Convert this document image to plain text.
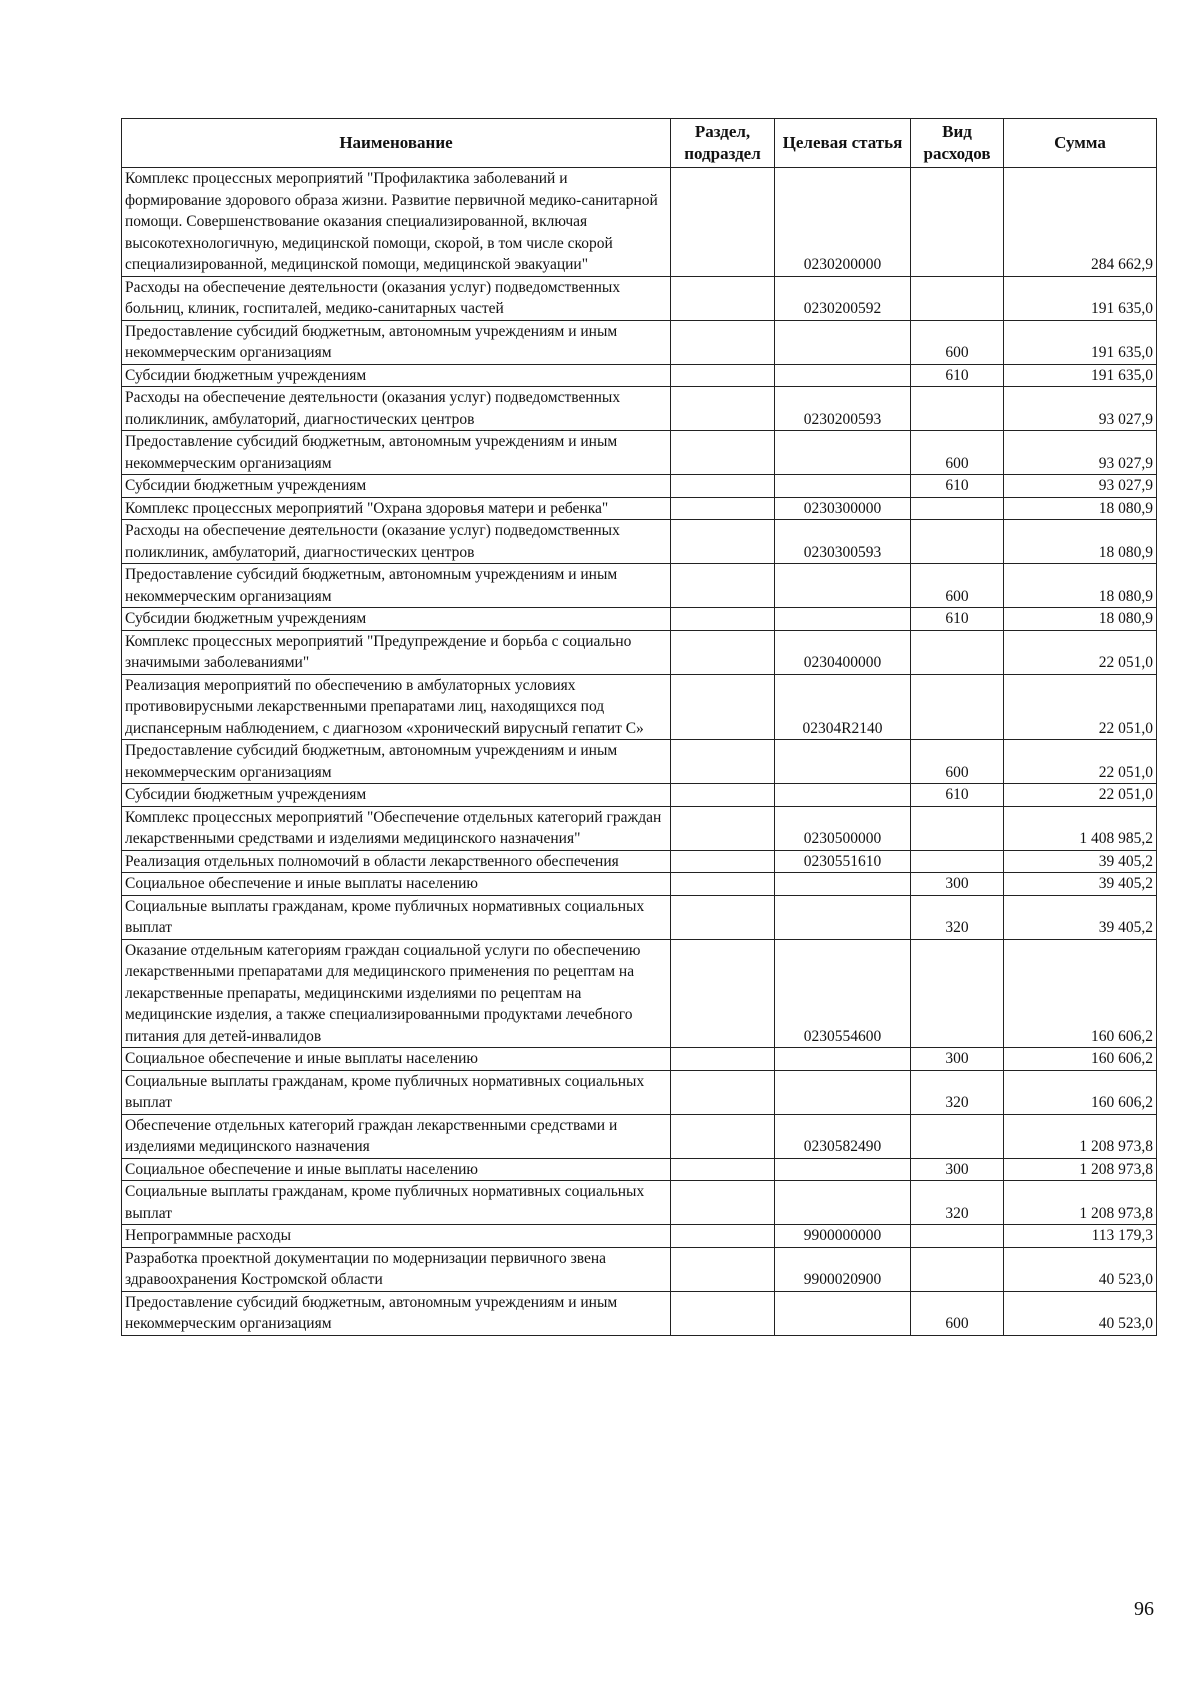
Наименование	Раздел, подраздел	Целевая статья	Вид расходов	Сумма
Комплекс процессных мероприятий "Профилактика заболеваний и формирование здорового образа жизни. Развитие первичной медико-санитарной помощи. Совершенствование оказания специализированной, включая высокотехнологичную, медицинской помощи, скорой, в том числе скорой специализированной, медицинской помощи, медицинской эвакуации"		0230200000		284 662,9
Расходы на обеспечение деятельности (оказания услуг) подведомственных больниц, клиник, госпиталей, медико-санитарных частей		0230200592		191 635,0
Предоставление субсидий бюджетным, автономным учреждениям и иным некоммерческим организациям			600	191 635,0
Субсидии бюджетным учреждениям			610	191 635,0
Расходы на обеспечение деятельности (оказания услуг) подведомственных поликлиник, амбулаторий, диагностических центров		0230200593		93 027,9
Предоставление субсидий бюджетным, автономным учреждениям и иным некоммерческим организациям			600	93 027,9
Субсидии бюджетным учреждениям			610	93 027,9
Комплекс процессных мероприятий "Охрана здоровья матери и ребенка"		0230300000		18 080,9
Расходы на обеспечение деятельности (оказание услуг) подведомственных поликлиник, амбулаторий, диагностических центров		0230300593		18 080,9
Предоставление субсидий бюджетным, автономным учреждениям и иным некоммерческим организациям			600	18 080,9
Субсидии бюджетным учреждениям			610	18 080,9
Комплекс процессных мероприятий "Предупреждение и борьба с социально значимыми заболеваниями"		0230400000		22 051,0
Реализация мероприятий по обеспечению в амбулаторных условиях противовирусными лекарственными препаратами лиц, находящихся под диспансерным наблюдением, с диагнозом «хронический вирусный гепатит С»		02304R2140		22 051,0
Предоставление субсидий бюджетным, автономным учреждениям и иным некоммерческим организациям			600	22 051,0
Субсидии бюджетным учреждениям			610	22 051,0
Комплекс процессных мероприятий "Обеспечение отдельных категорий граждан лекарственными средствами и изделиями медицинского назначения"		0230500000		1 408 985,2
Реализация отдельных полномочий в области лекарственного обеспечения		0230551610		39 405,2
Социальное обеспечение и иные выплаты населению			300	39 405,2
Социальные выплаты гражданам, кроме публичных нормативных социальных выплат			320	39 405,2
Оказание отдельным категориям граждан социальной услуги по обеспечению лекарственными препаратами для медицинского применения по рецептам на лекарственные препараты, медицинскими изделиями по рецептам на медицинские изделия, а также специализированными продуктами лечебного питания для детей-инвалидов		0230554600		160 606,2
Социальное обеспечение и иные выплаты населению			300	160 606,2
Социальные выплаты гражданам, кроме публичных нормативных социальных выплат			320	160 606,2
Обеспечение отдельных категорий граждан лекарственными средствами и изделиями медицинского назначения		0230582490		1 208 973,8
Социальное обеспечение и иные выплаты населению			300	1 208 973,8
Социальные выплаты гражданам, кроме публичных нормативных социальных выплат			320	1 208 973,8
Непрограммные расходы		9900000000		113 179,3
Разработка проектной документации по модернизации первичного звена здравоохранения Костромской области		9900020900		40 523,0
Предоставление субсидий бюджетным, автономным учреждениям и иным некоммерческим организациям			600	40 523,0
96
